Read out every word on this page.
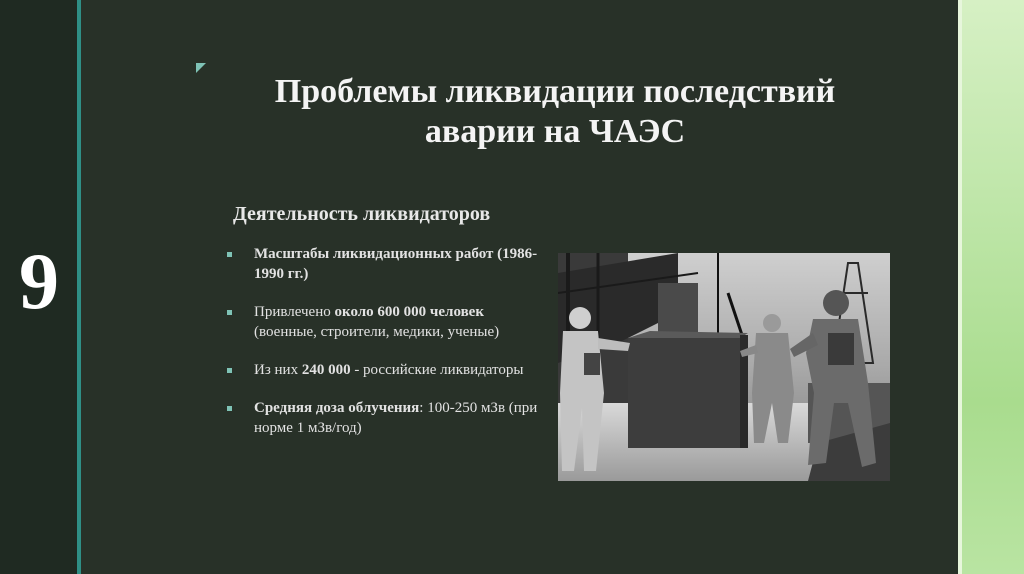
9
Проблемы ликвидации последствий
аварии на ЧАЭС
Деятельность ликвидаторов
Масштабы ликвидационных работ (1986-1990 гг.)
Привлечено около 600 000 человек (военные, строители, медики, ученые)
Из них 240 000 - российские ликвидаторы
Средняя доза облучения: 100-250 мЗв (при норме 1 мЗв/год)
